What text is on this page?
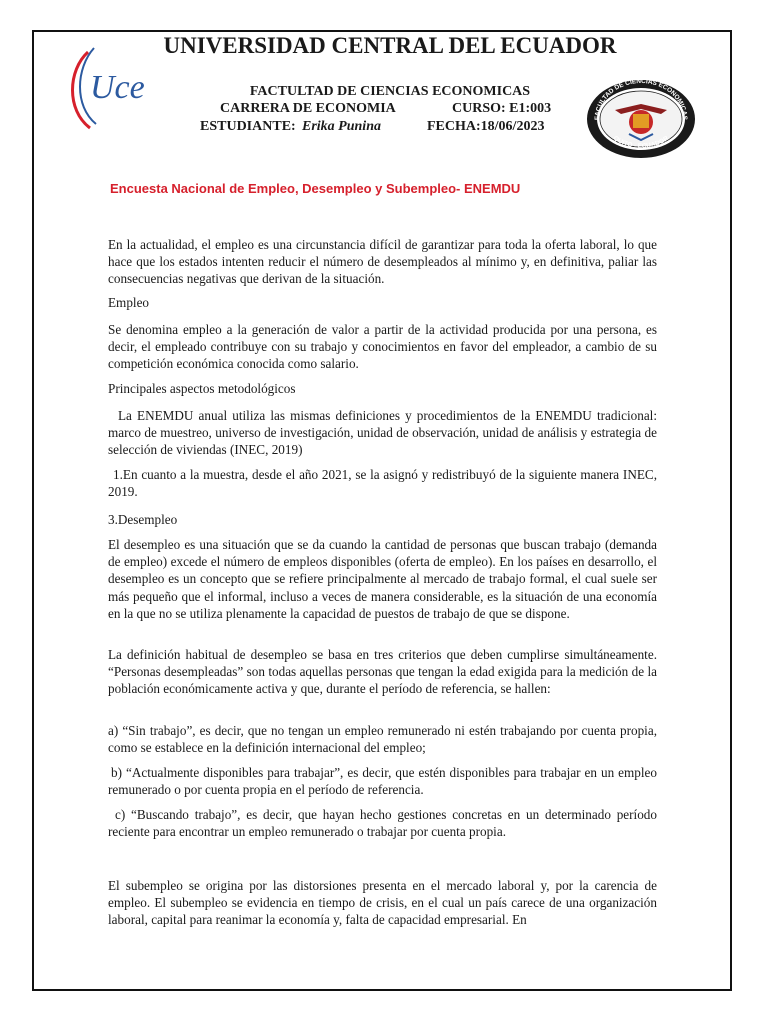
Uce
FACULTAD DE CIENCIAS ECONOMICAS
QUITO - ECUADOR
UNIVERSIDAD CENTRAL DEL ECUADOR
FACTULTAD DE CIENCIAS ECONOMICAS
CARRERA DE ECONOMIA	CURSO: E1:003
ESTUDIANTE: Erika Punina	FECHA:18/06/2023
Encuesta Nacional de Empleo, Desempleo y Subempleo- ENEMDU

En la actualidad, el empleo es una circunstancia difícil de garantizar para toda la oferta laboral, lo que hace que los estados intenten reducir el número de desempleados al mínimo y, en definitiva, paliar las consecuencias negativas que derivan de la situación.

Empleo

Se denomina empleo a la generación de valor a partir de la actividad producida por una persona, es decir, el empleado contribuye con su trabajo y conocimientos en favor del empleador, a cambio de su competición económica conocida como salario.

Principales aspectos metodológicos

La ENEMDU anual utiliza las mismas definiciones y procedimientos de la ENEMDU tradicional: marco de muestreo, universo de investigación, unidad de observación, unidad de análisis y estrategia de selección de viviendas (INEC, 2019)

1.En cuanto a la muestra, desde el año 2021, se la asignó y redistribuyó de la siguiente manera INEC, 2019.

3.Desempleo

El desempleo es una situación que se da cuando la cantidad de personas que buscan trabajo (demanda de empleo) excede el número de empleos disponibles (oferta de empleo). En los países en desarrollo, el desempleo es un concepto que se refiere principalmente al mercado de trabajo formal, el cual suele ser más pequeño que el informal, incluso a veces de manera considerable, es la situación de una economía en la que no se utiliza plenamente la capacidad de puestos de trabajo de que se dispone.

La definición habitual de desempleo se basa en tres criterios que deben cumplirse simultáneamente. “Personas desempleadas” son todas aquellas personas que tengan la edad exigida para la medición de la población económicamente activa y que, durante el período de referencia, se hallen:

a) “Sin trabajo”, es decir, que no tengan un empleo remunerado ni estén trabajando por cuenta propia, como se establece en la definición internacional del empleo;

b) “Actualmente disponibles para trabajar”, es decir, que estén disponibles para trabajar en un empleo remunerado o por cuenta propia en el período de referencia.

c) “Buscando trabajo”, es decir, que hayan hecho gestiones concretas en un determinado período reciente para encontrar un empleo remunerado o trabajar por cuenta propia.

El subempleo se origina por las distorsiones presenta en el mercado laboral y, por la carencia de empleo. El subempleo se evidencia en tiempo de crisis, en el cual un país carece de una organización laboral, capital para reanimar la economía y, falta de capacidad empresarial. En
